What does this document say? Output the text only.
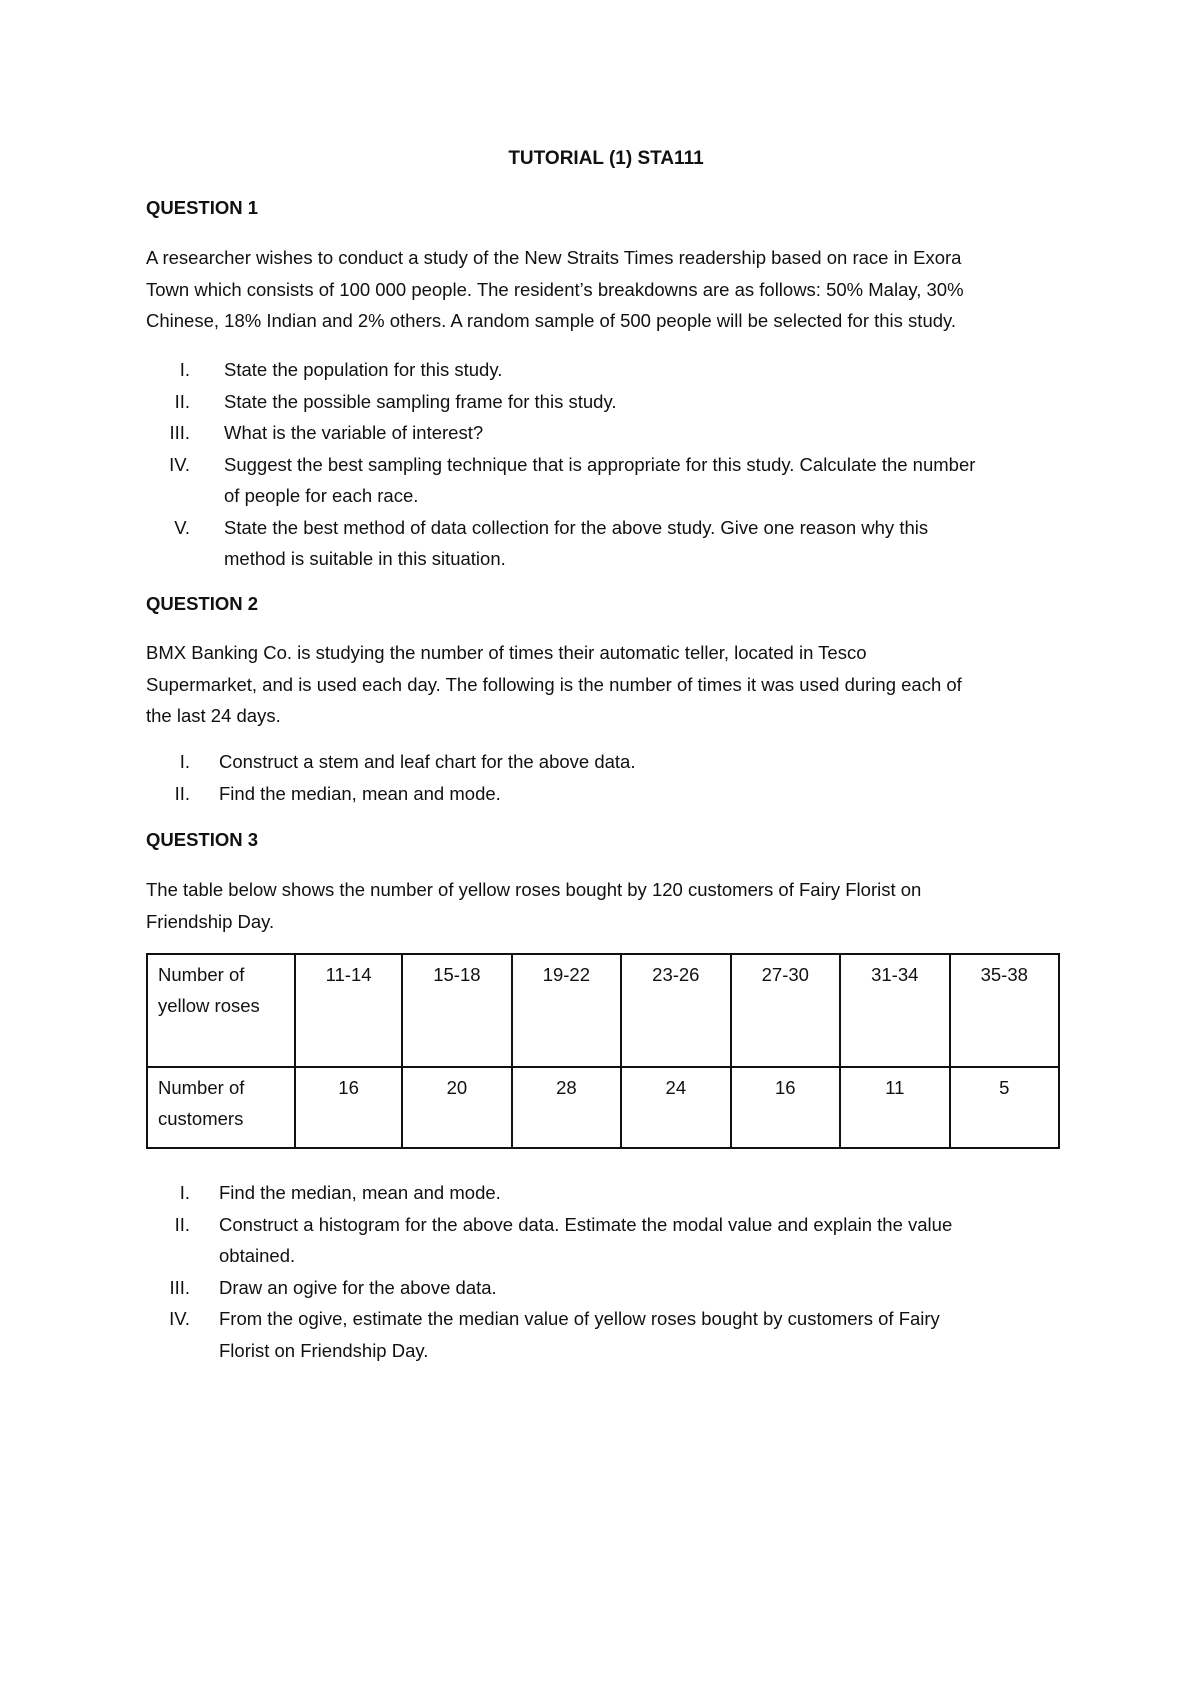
TUTORIAL (1) STA111
QUESTION 1

A researcher wishes to conduct a study of the New Straits Times readership based on race in Exora

Town which consists of 100 000 people. The resident’s breakdowns are as follows: 50% Malay, 30%

Chinese, 18% Indian and 2% others. A random sample of 500 people will be selected for this study.

I.	State the population for this study.
II.	State the possible sampling frame for this study.
III.	What is the variable of interest?
IV.	Suggest the best sampling technique that is appropriate for this study. Calculate the number
of people for each race.
V.	State the best method of data collection for the above study. Give one reason why this
method is suitable in this situation.
QUESTION 2

BMX Banking Co. is studying the number of times their automatic teller, located in Tesco

Supermarket, and is used each day. The following is the number of times it was used during each of

the last 24 days.

I.	Construct a stem and leaf chart for the above data.
II.	Find the median, mean and mode.
QUESTION 3

The table below shows the number of yellow roses bought by 120 customers of Fairy Florist on

Friendship Day.

Number of
yellow roses	11-14	15-18	19-22	23-26	27-30	31-34	35-38

Number of
customers	16	20	28	24	16	11	5
I.	Find the median, mean and mode.
II.	Construct a histogram for the above data. Estimate the modal value and explain the value
obtained.
III.	Draw an ogive for the above data.
IV.	From the ogive, estimate the median value of yellow roses bought by customers of Fairy
Florist on Friendship Day.
